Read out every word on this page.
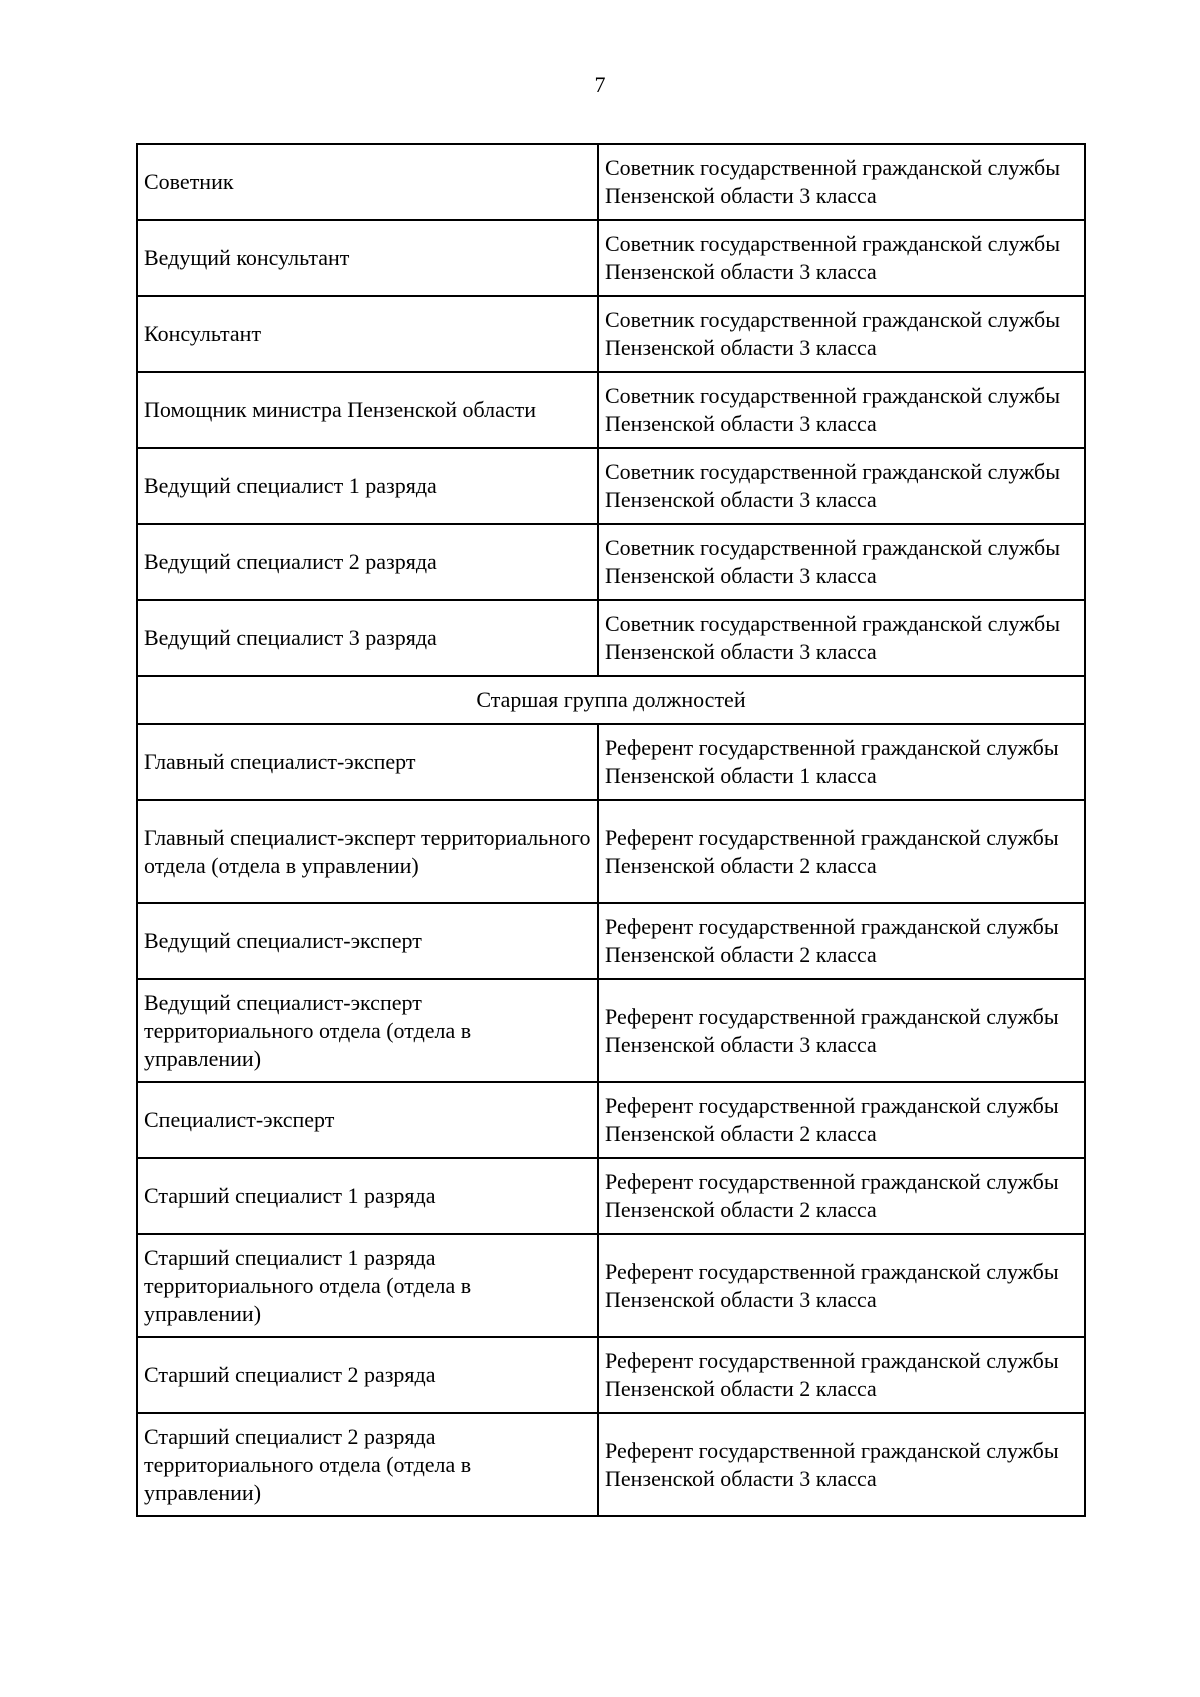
7
Советник	Советник государственной гражданской службы Пензенской области 3 класса
Ведущий консультант	Советник государственной гражданской службы Пензенской области 3 класса
Консультант	Советник государственной гражданской службы Пензенской области 3 класса
Помощник министра Пензенской области	Советник государственной гражданской службы Пензенской области 3 класса
Ведущий специалист 1 разряда	Советник государственной гражданской службы Пензенской области 3 класса
Ведущий специалист 2 разряда	Советник государственной гражданской службы Пензенской области 3 класса
Ведущий специалист 3 разряда	Советник государственной гражданской службы Пензенской области 3 класса
Старшая группа должностей	
Главный специалист-эксперт	Референт государственной гражданской службы Пензенской области 1 класса
Главный специалист-эксперт территориального отдела (отдела в управлении)	Референт государственной гражданской службы Пензенской области 2 класса
Ведущий специалист-эксперт	Референт государственной гражданской службы Пензенской области 2 класса
Ведущий специалист-эксперт территориального отдела (отдела в управлении)	Референт государственной гражданской службы Пензенской области 3 класса
Специалист-эксперт	Референт государственной гражданской службы Пензенской области 2 класса
Старший специалист 1 разряда	Референт государственной гражданской службы Пензенской области 2 класса
Старший специалист 1 разряда территориального отдела (отдела в управлении)	Референт государственной гражданской службы Пензенской области 3 класса
Старший специалист 2 разряда	Референт государственной гражданской службы Пензенской области 2 класса
Старший специалист 2 разряда территориального отдела (отдела в управлении)	Референт государственной гражданской службы Пензенской области 3 класса
